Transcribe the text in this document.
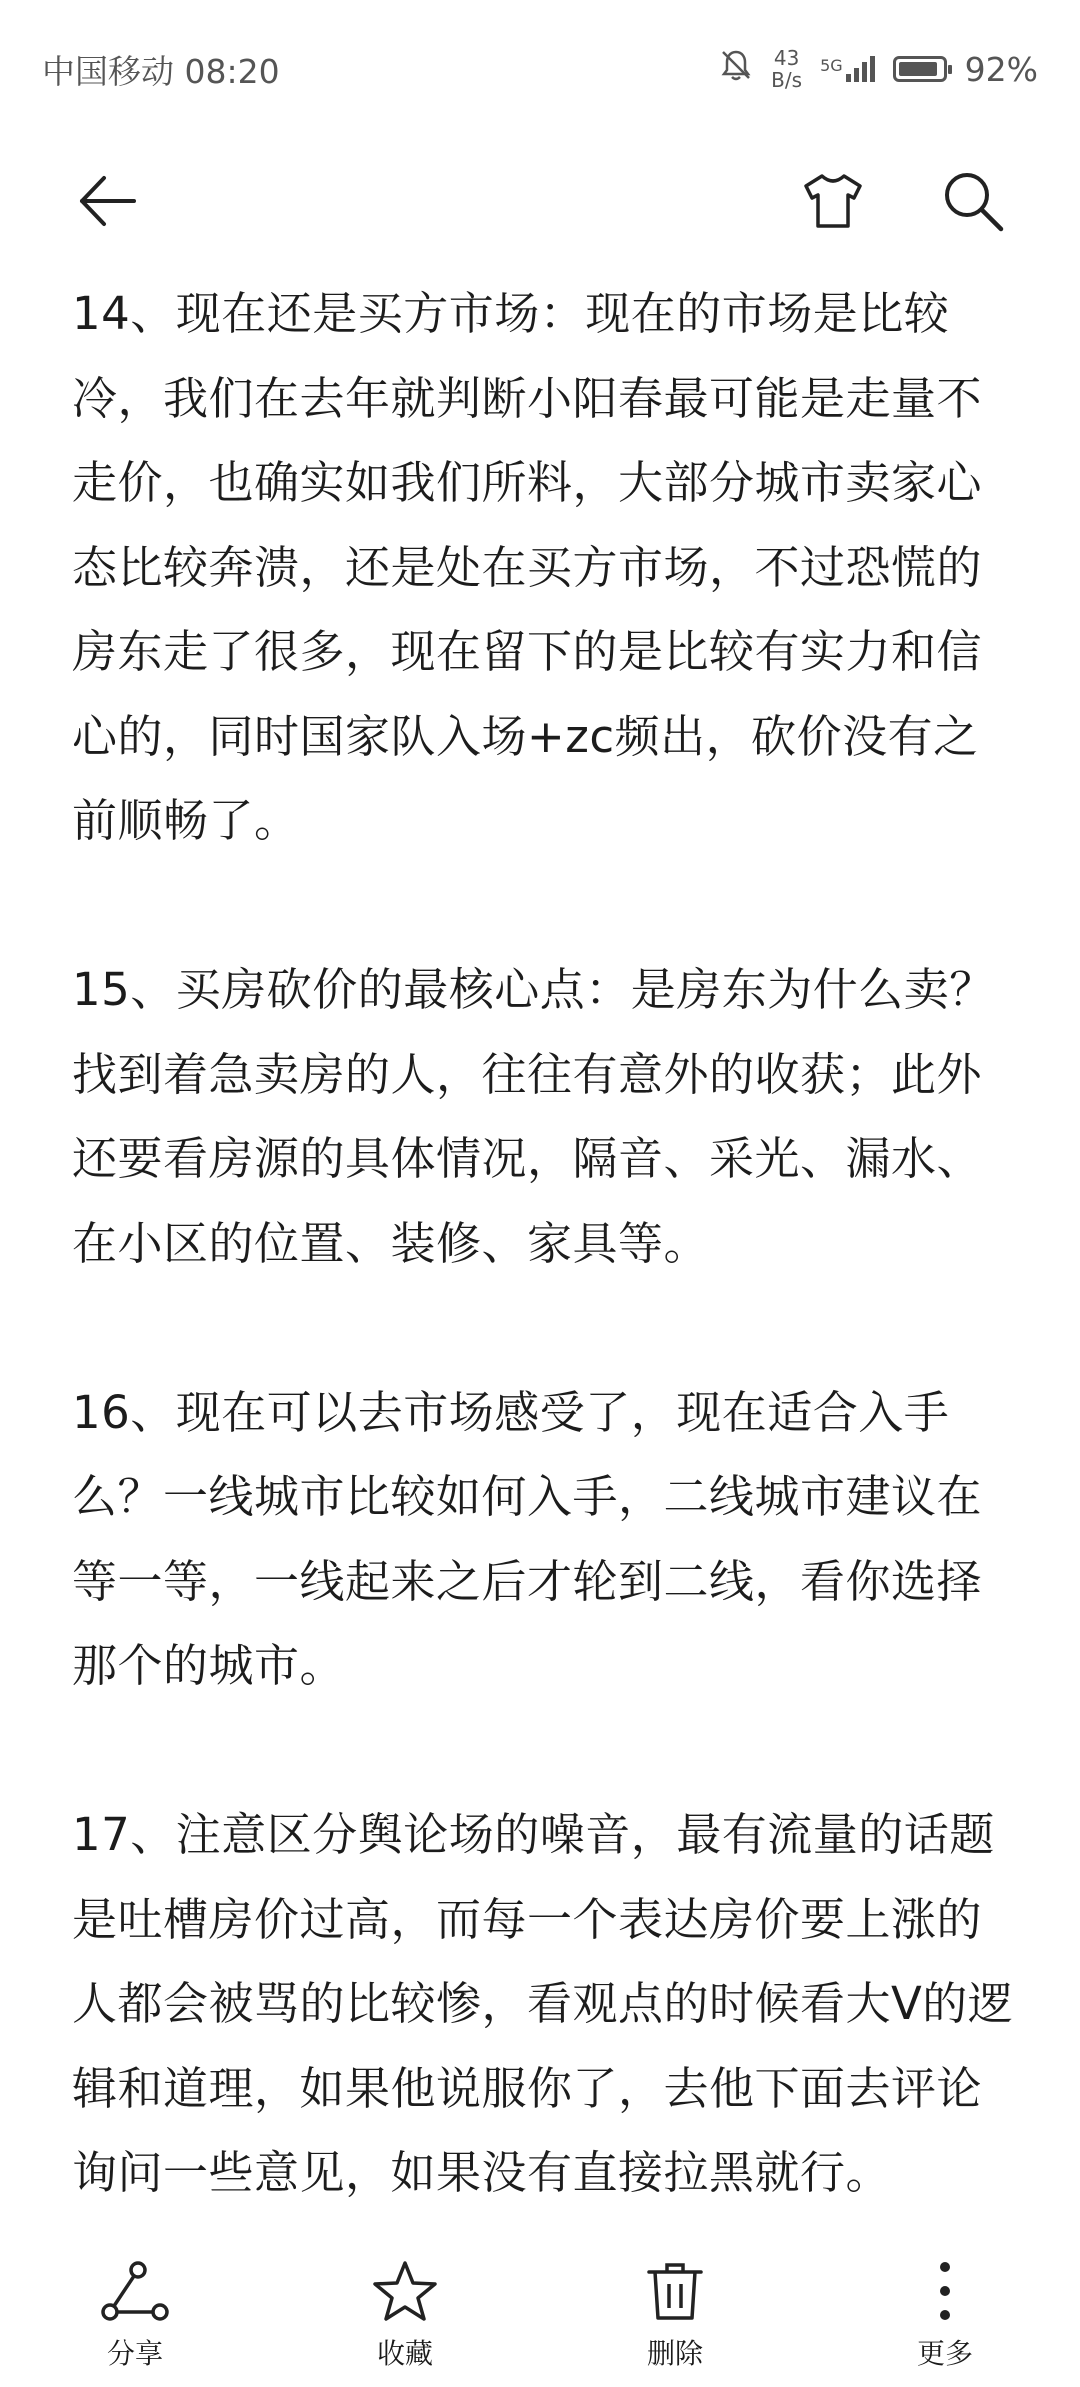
中国移动 08:20	43
B/s
5G	92%

14、现在还是买方市场：现在的市场是比较冷，我们在去年就判断小阳春最可能是走量不走价，也确实如我们所料，大部分城市卖家心态比较奔溃，还是处在买方市场，不过恐慌的房东走了很多，现在留下的是比较有实力和信心的，同时国家队入场+zc频出，砍价没有之前顺畅了。

15、买房砍价的最核心点：是房东为什么卖？找到着急卖房的人，往往有意外的收获；此外还要看房源的具体情况，隔音、采光、漏水、在小区的位置、装修、家具等。

16、现在可以去市场感受了，现在适合入手么？一线城市比较如何入手，二线城市建议在等一等，一线起来之后才轮到二线，看你选择那个的城市。

17、注意区分舆论场的噪音，最有流量的话题是吐槽房价过高，而每一个表达房价要上涨的人都会被骂的比较惨，看观点的时候看大V的逻辑和道理，如果他说服你了，去他下面去评论询问一些意见，如果没有直接拉黑就行。

分享	收藏	删除	更多
